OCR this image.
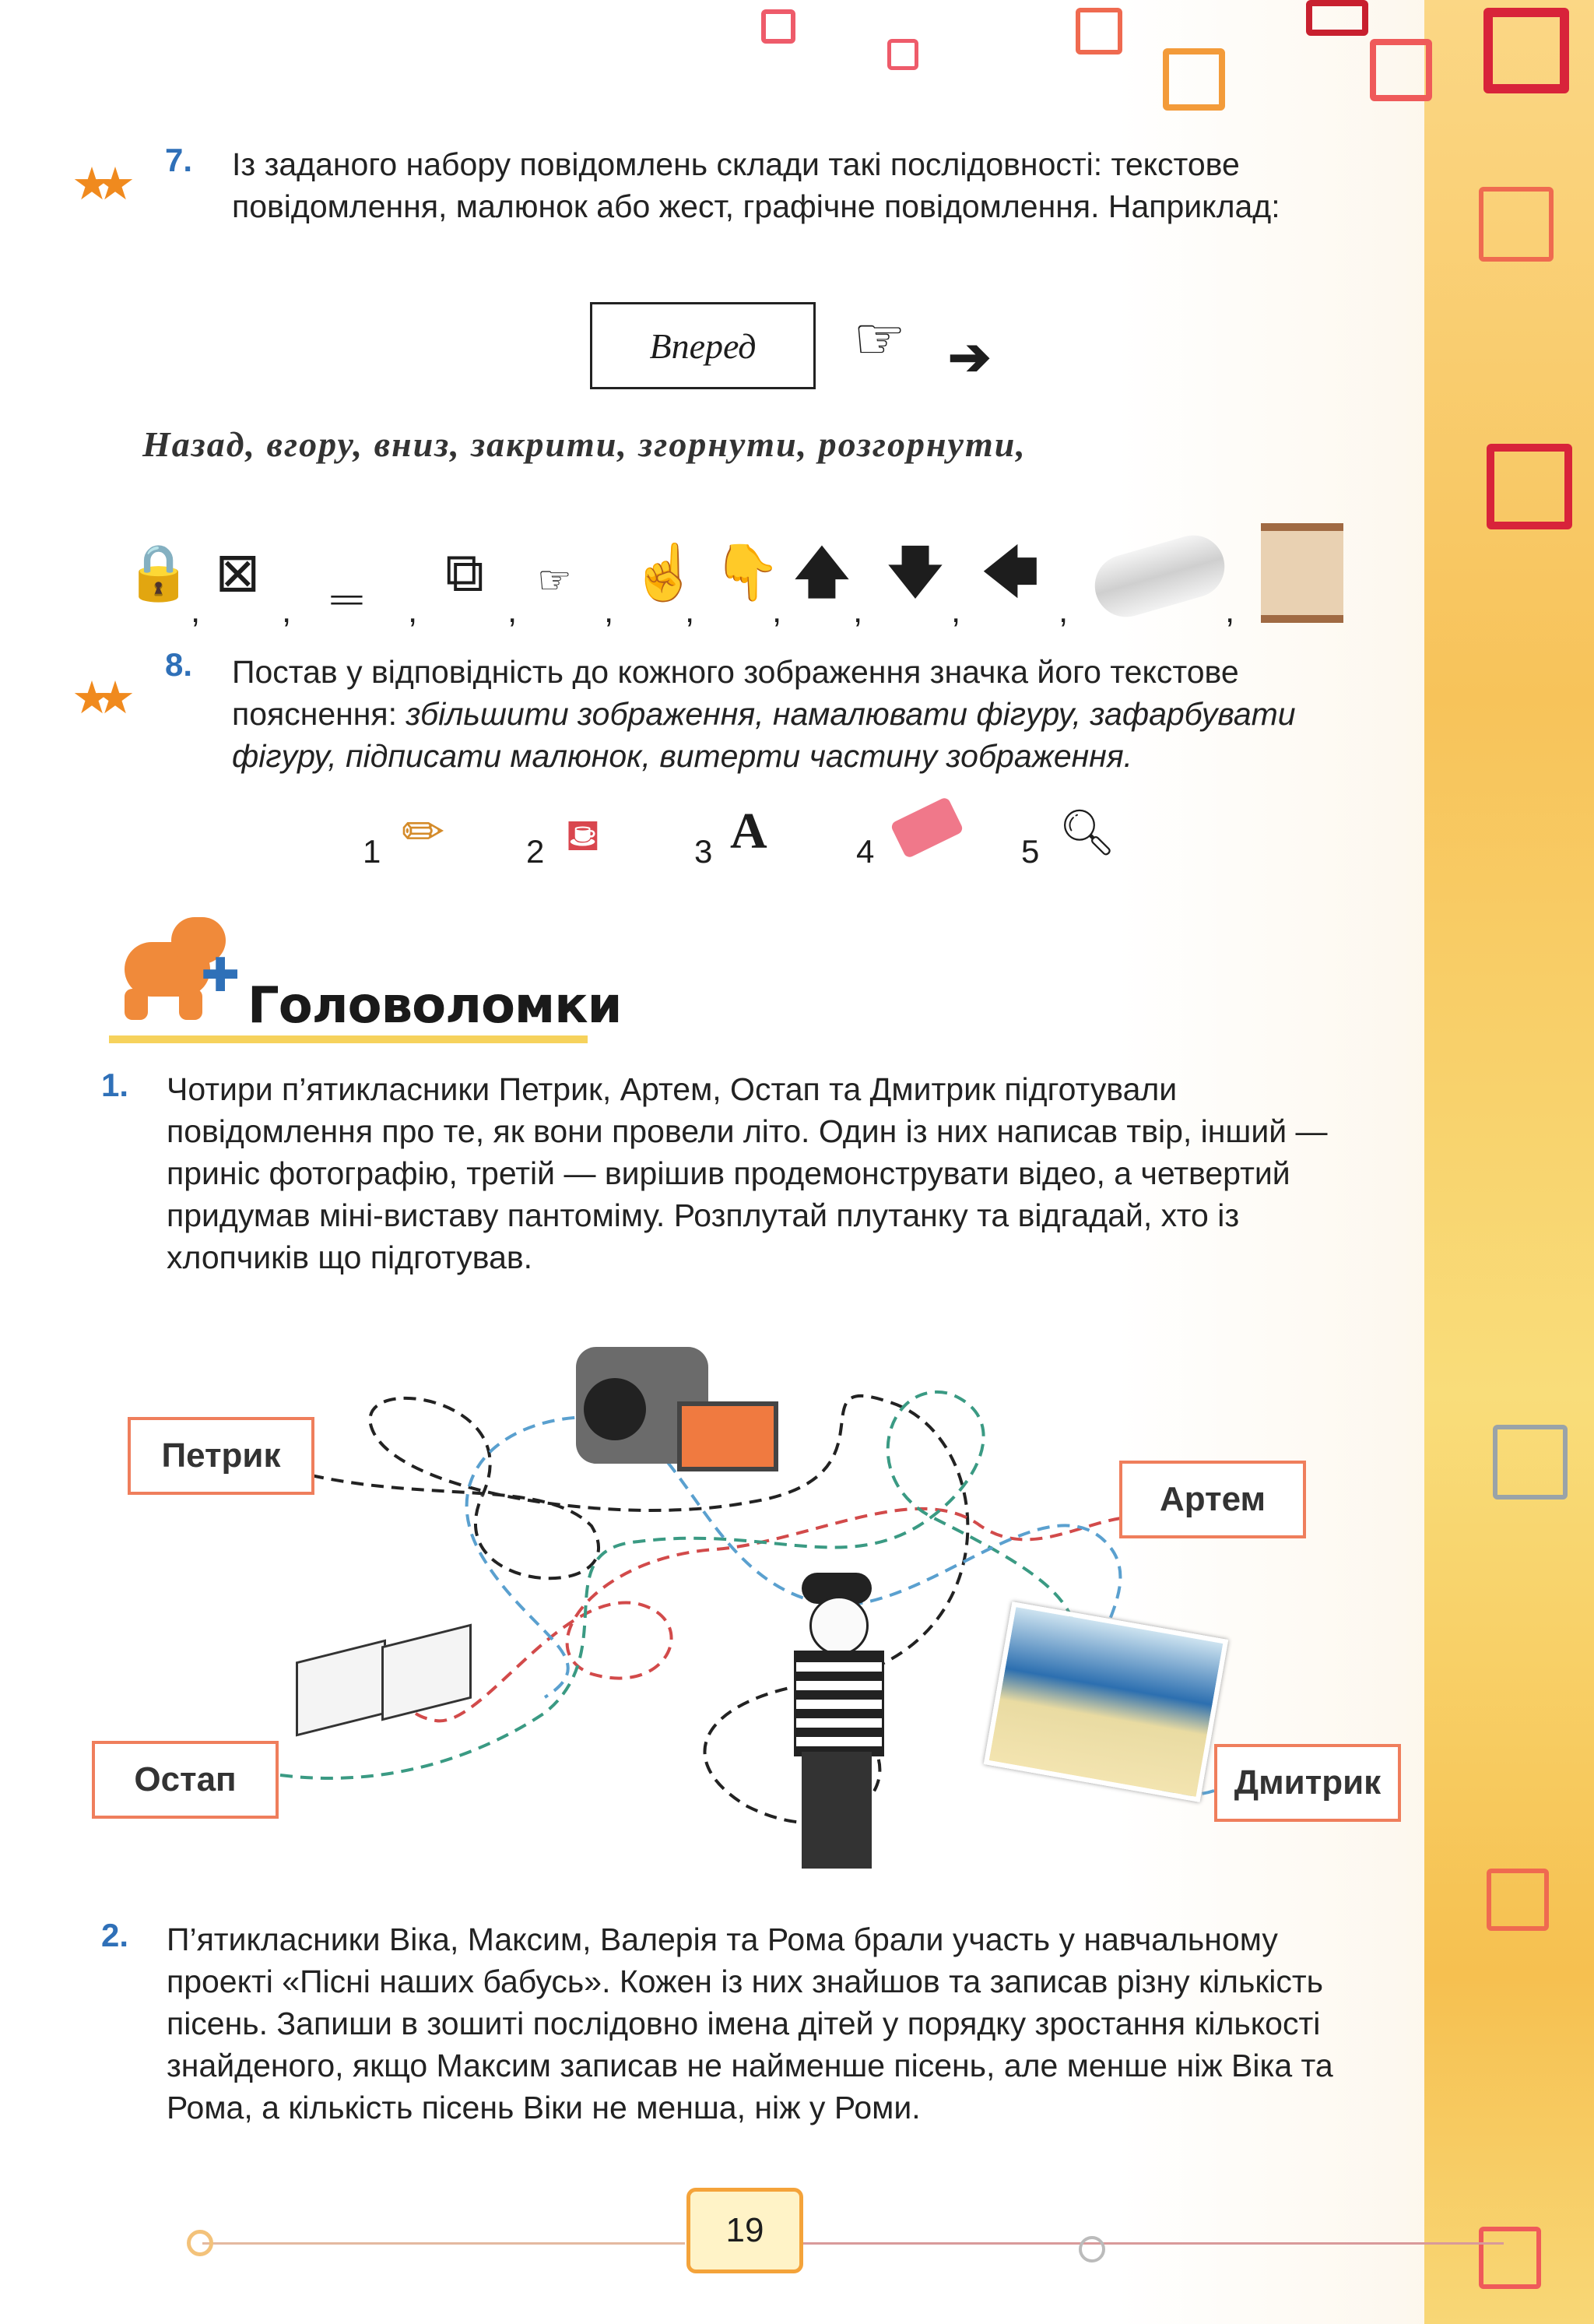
★★ 7. Із заданого набору повідомлень склади такі послідовності: текстове повідомлення, малюнок або жест, графічне повідомлення. Наприклад:

Вперед	☞ ➔
Назад, вгору, вниз, закрити, згорнути, розгорнути,
🔒
,
⊠
,
‗
,
⧉
,
☞
,
☝
,
👇
,
🡅
,
🡇
,
🡄
,	,
★★
8. Постав у відповідність до кожного зображення значка його текстове пояснення: збільшити зображення, намалювати фігуру, зафарбувати фігуру, підписати малюнок, витерти частину зображення.

1 ✏ 2 ⛾	3 A	4	5 🔍︎
✚
Головоломки
1. Чотири п’ятикласники Петрик, Артем, Остап та Дмитрик підготували повідомлення про те, як вони провели літо. Один із них написав твір, інший — приніс фотографію, третій — вирішив продемонструвати відео, а четвертий придумав міні-виставу пантоміму. Розплутай плутанку та відгадай, хто із хлопчиків що підготував.

Петрик
Артем
Остап	Дмитрик
2. П’ятикласники Віка, Максим, Валерія та Рома брали участь у навчальному проекті «Пісні наших бабусь». Кожен із них знайшов та записав різну кількість пісень. Запиши в зошиті послідовно імена дітей у порядку зростання кількості знайденого, якщо Максим записав не найменше пісень, але менше ніж Віка та Рома, а кількість пісень Віки не менша, ніж у Роми.

19
